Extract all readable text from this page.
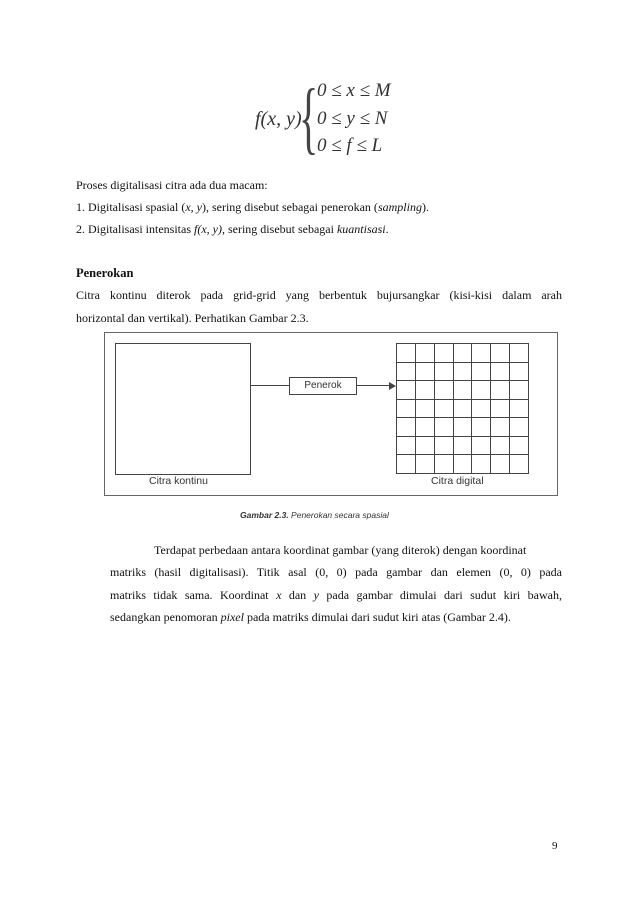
f(x, y)
{
0 ≤ x ≤ M
0 ≤ y ≤ N
0 ≤ f ≤ L
Proses digitalisasi citra ada dua macam:
1. Digitalisasi spasial (x, y), sering disebut sebagai penerokan (sampling).
2. Digitalisasi intensitas f(x, y), sering disebut sebagai kuantisasi.
Penerokan
Citra kontinu diterok pada grid-grid yang berbentuk bujursangkar (kisi-kisi dalam arah
horizontal dan vertikal). Perhatikan Gambar 2.3.
Penerok
Citra kontinu	Citra digital
Gambar 2.3. Penerokan secara spasial
Terdapat perbedaan antara koordinat gambar (yang diterok) dengan koordinat
matriks (hasil digitalisasi). Titik asal (0, 0) pada gambar dan elemen (0, 0) pada
matriks tidak sama. Koordinat x dan y pada gambar dimulai dari sudut kiri bawah,
sedangkan penomoran pixel pada matriks dimulai dari sudut kiri atas (Gambar 2.4).
9
